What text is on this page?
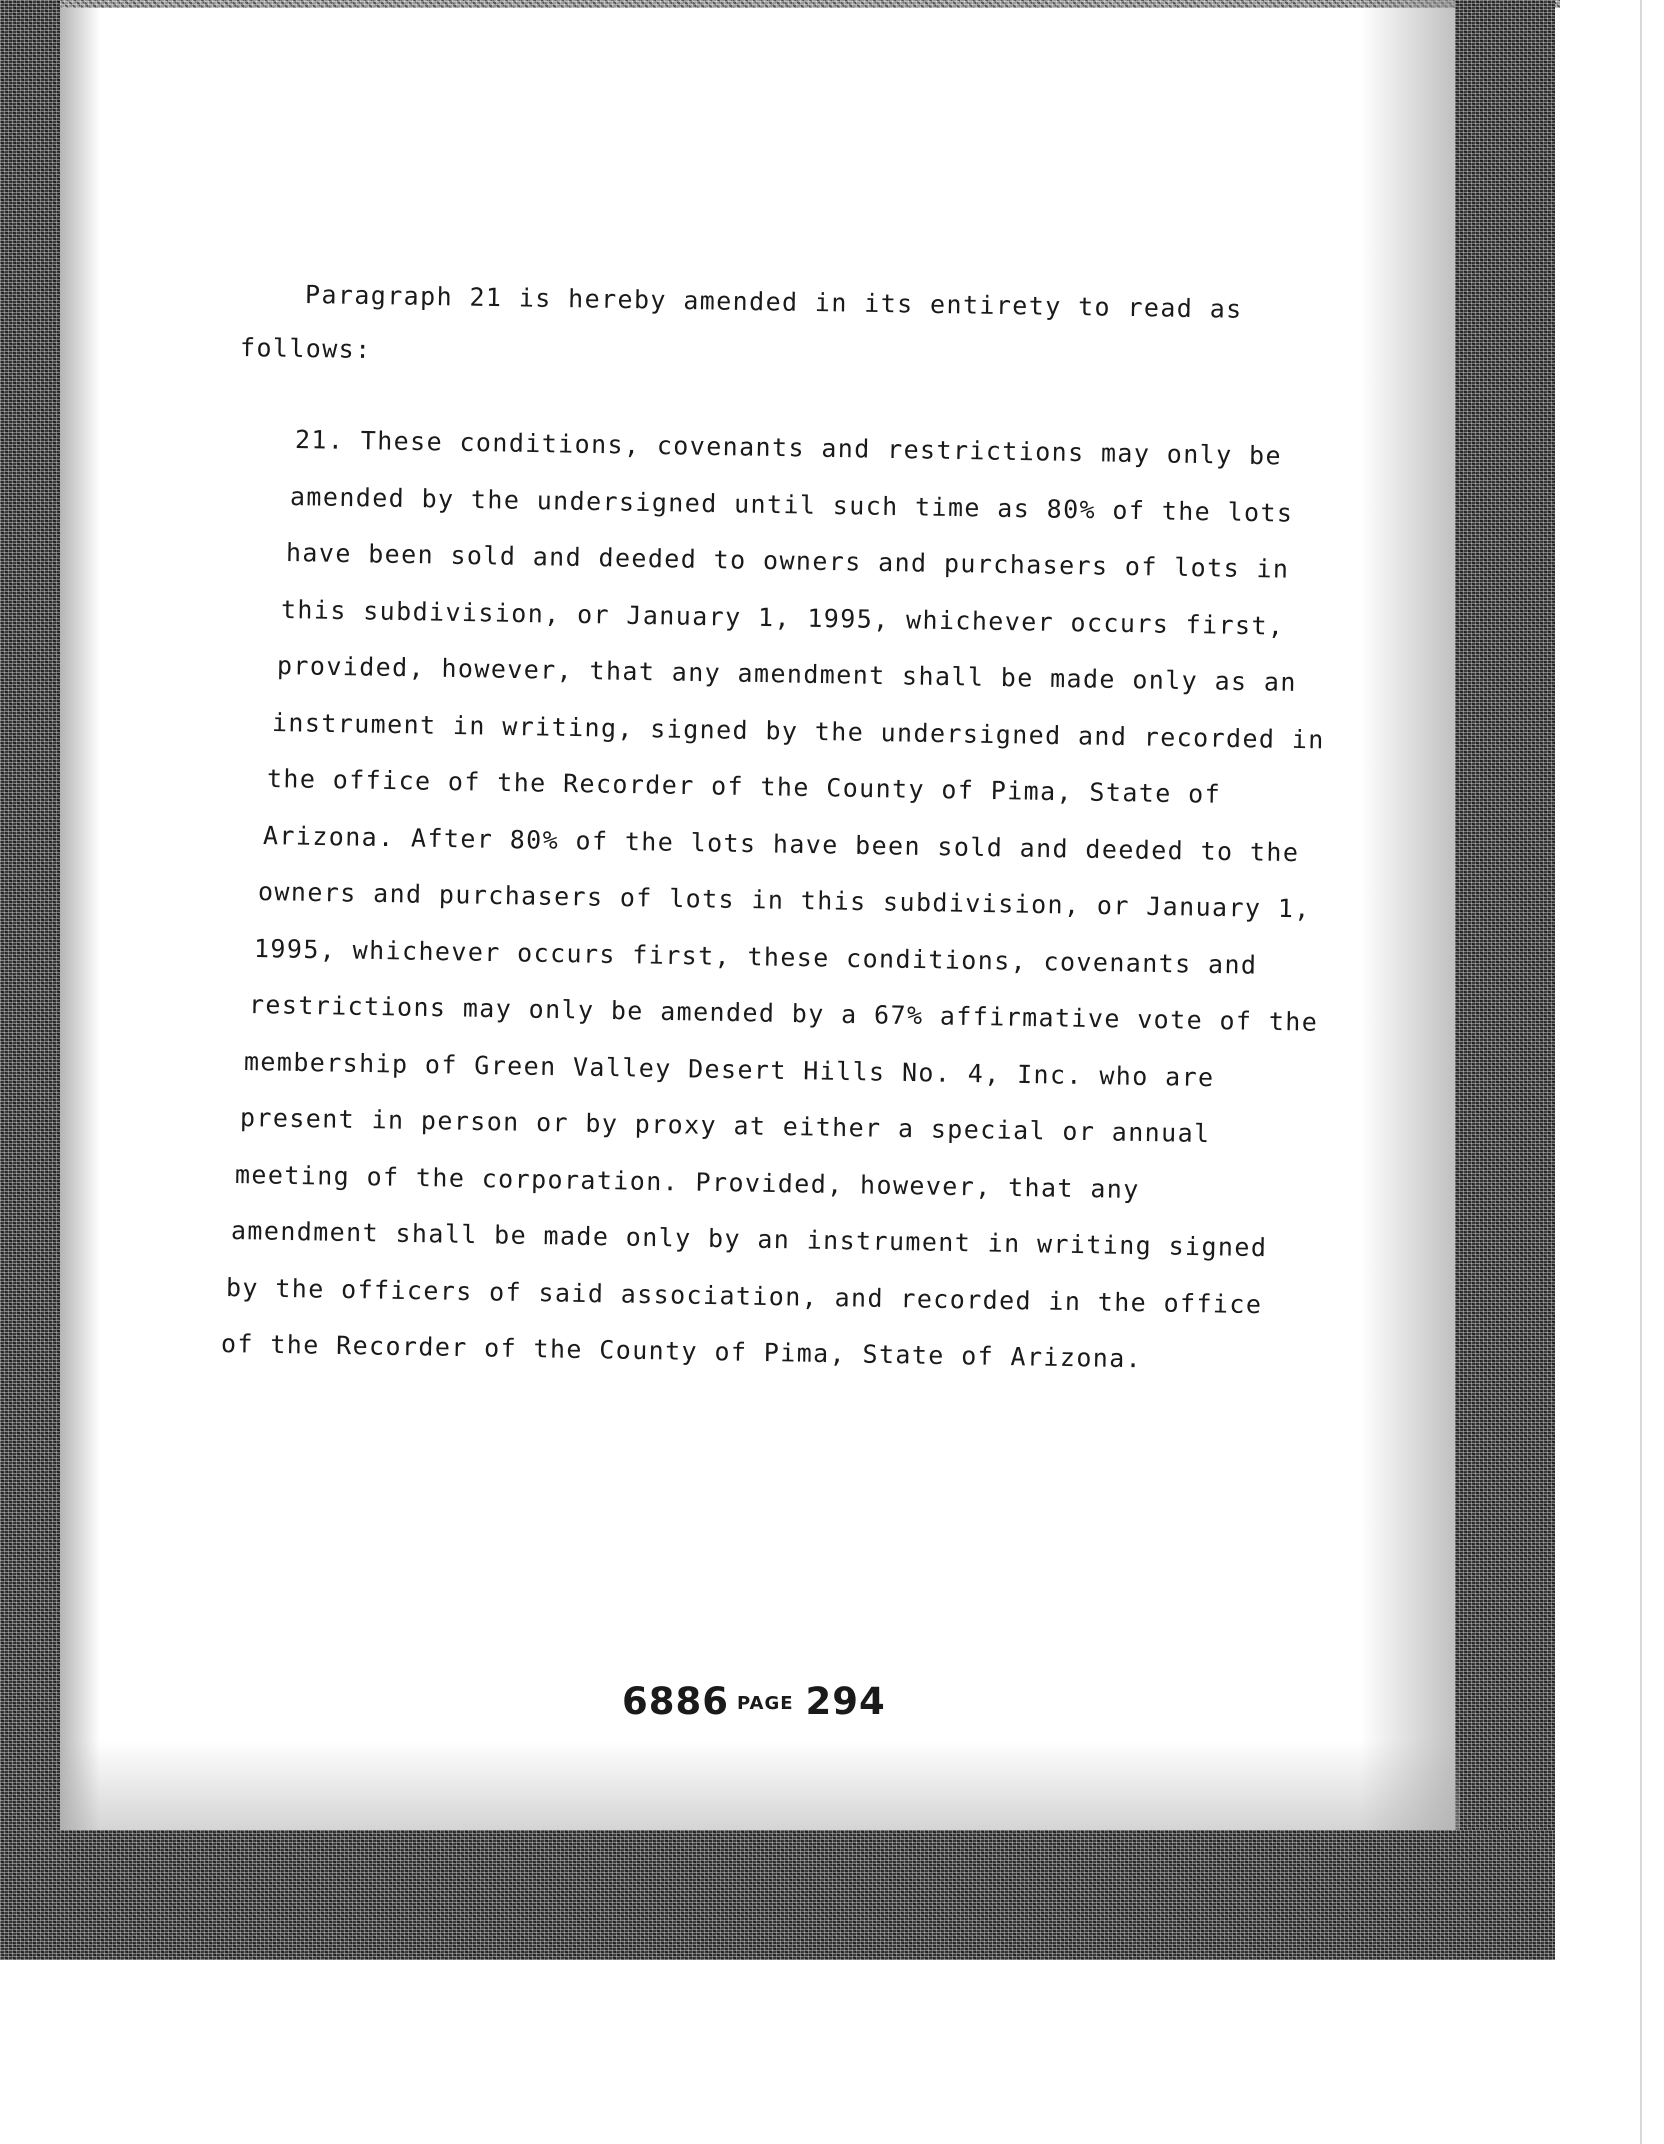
Paragraph 21 is hereby amended in its entirety to read as

follows:

21. These conditions, covenants and restrictions may only be

amended by the undersigned until such time as 80% of the lots

have been sold and deeded to owners and purchasers of lots in

this subdivision, or January 1, 1995, whichever occurs first,

provided, however, that any amendment shall be made only as an

instrument in writing, signed by the undersigned and recorded in

the office of the Recorder of the County of Pima, State of

Arizona. After 80% of the lots have been sold and deeded to the

owners and purchasers of lots in this subdivision, or January 1,

1995, whichever occurs first, these conditions, covenants and

restrictions may only be amended by a 67% affirmative vote of the

membership of Green Valley Desert Hills No. 4, Inc. who are

present in person or by proxy at either a special or annual

meeting of the corporation. Provided, however, that any

amendment shall be made only by an instrument in writing signed

by the officers of said association, and recorded in the office

of the Recorder of the County of Pima, State of Arizona.

6886 PAGE 294
